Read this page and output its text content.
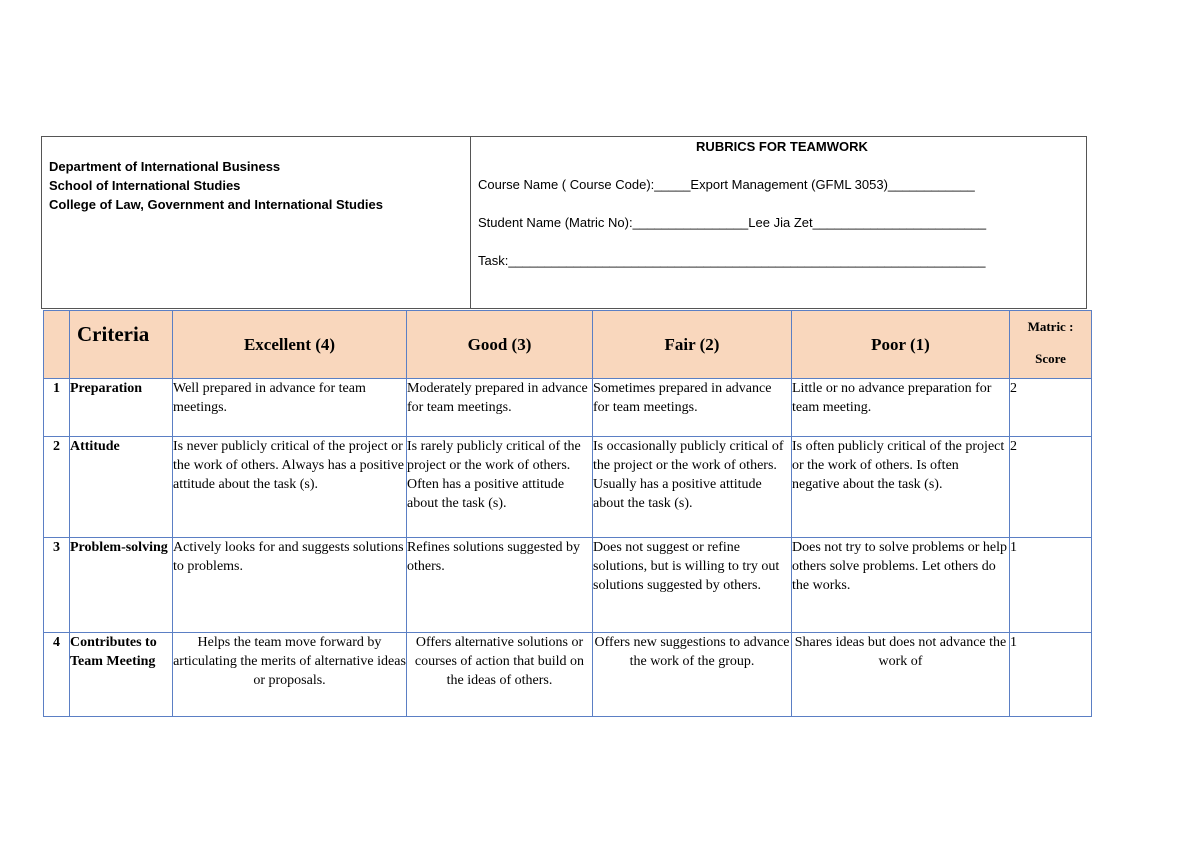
Department of International Business
School of International Studies
College of Law, Government and International Studies
RUBRICS FOR TEAMWORK
Course Name ( Course Code):_____Export Management (GFML 3053)____________
Student Name (Matric No):________________Lee Jia Zet________________________
Task:__________________________________________________________________
	Criteria	Excellent (4)	Good (3)	Fair (2)	Poor (1)	Matric :
Score

1	Preparation	Well prepared in advance for team meetings.	Moderately prepared in advance for team meetings.	Sometimes prepared in advance for team meetings.	Little or no advance preparation for team meeting.	2
2	Attitude	Is never publicly critical of the project or the work of others. Always has a positive attitude about the task (s).	Is rarely publicly critical of the project or the work of others. Often has a positive attitude about the task (s).	Is occasionally publicly critical of the project or the work of others. Usually has a positive attitude about the task (s).	Is often publicly critical of the project or the work of others. Is often negative about the task (s).	2
3	Problem-solving	Actively looks for and suggests solutions to problems.	Refines solutions suggested by others.	Does not suggest or refine solutions, but is willing to try out solutions suggested by others.	Does not try to solve problems or help others solve problems. Let others do the works.	1
4	Contributes to Team Meeting	Helps the team move forward by articulating the merits of alternative ideas or proposals.	Offers alternative solutions or courses of action that build on the ideas of others.	Offers new suggestions to advance the work of the group.	Shares ideas but does not advance the work of	1
